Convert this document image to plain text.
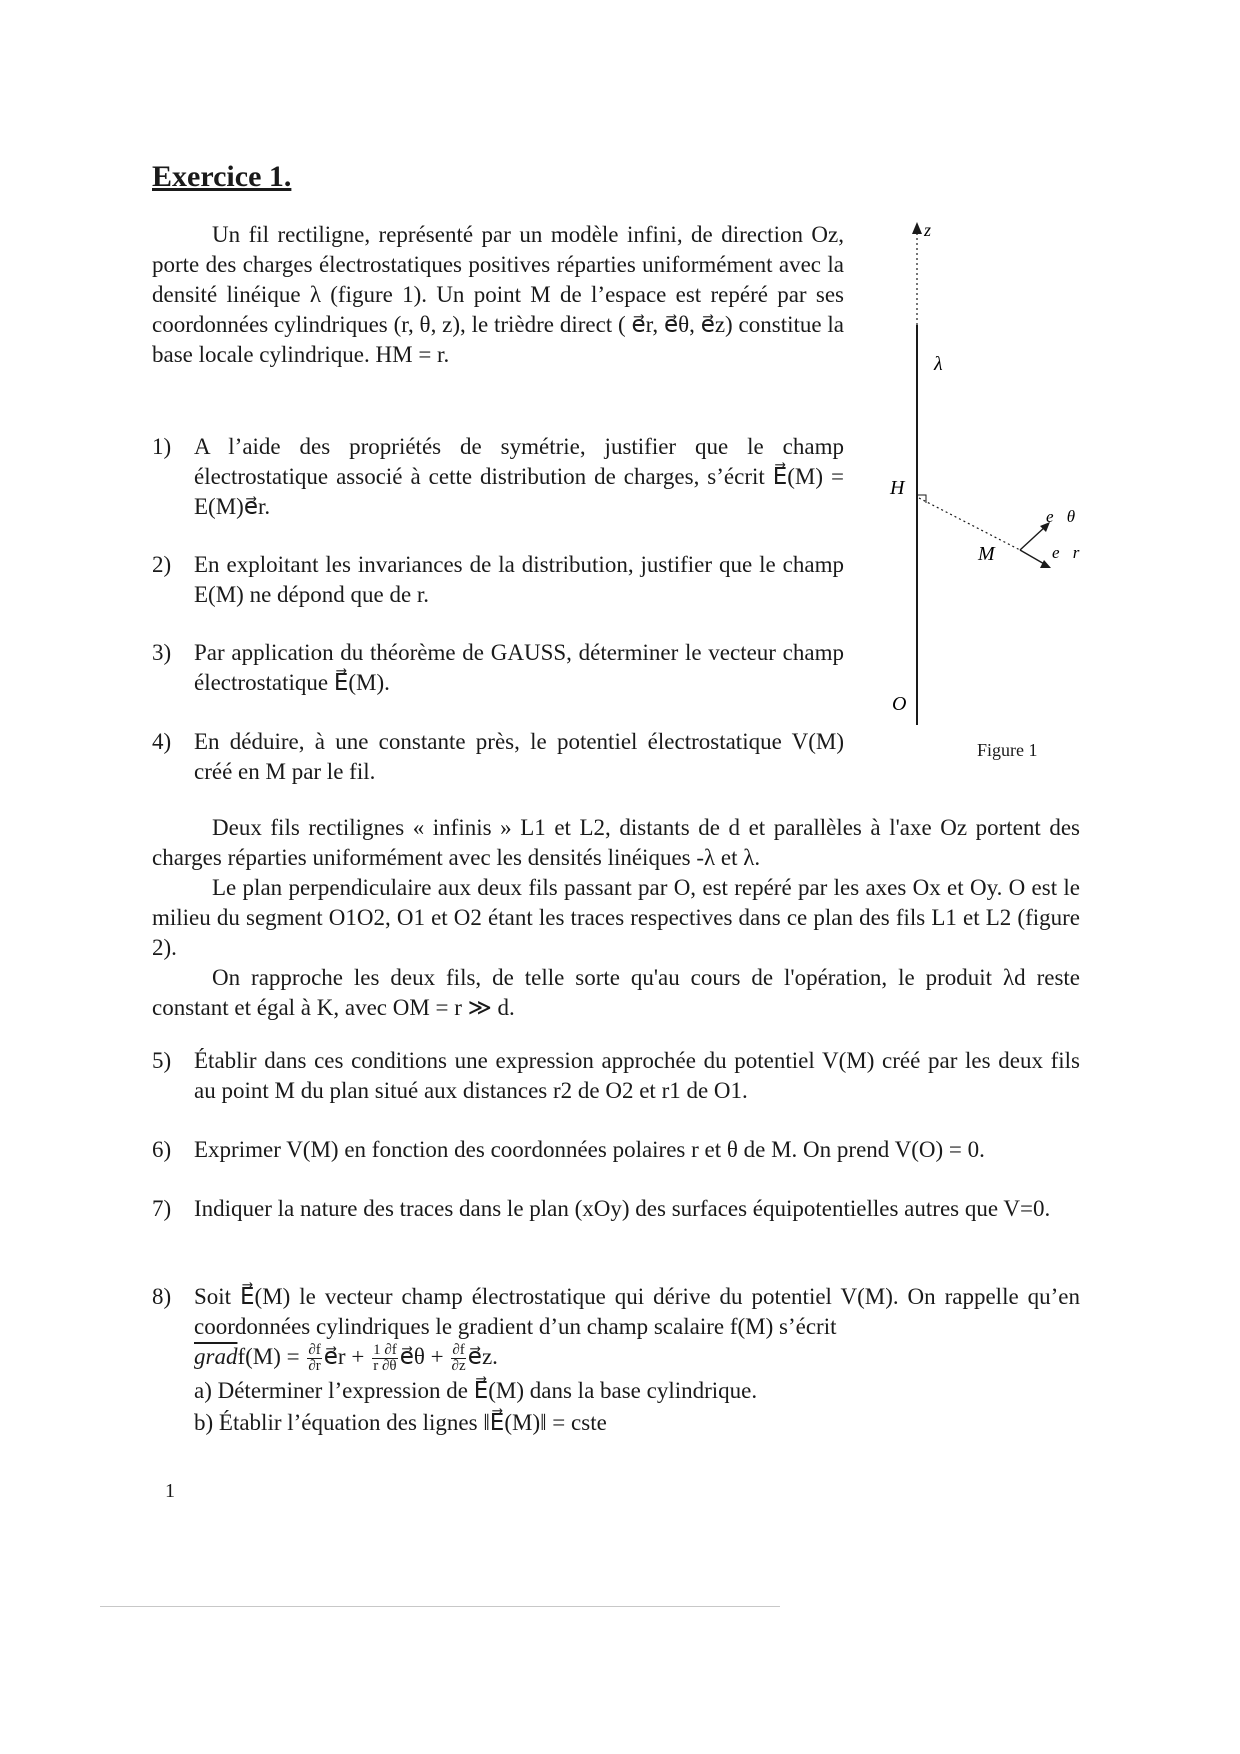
Exercice 1.

Un fil rectiligne, représenté par un modèle infini, de direction Oz, porte des charges électrostatiques positives réparties uniformément avec la densité linéique λ (figure 1). Un point M de l’espace est repéré par ses coordonnées cylindriques (r, θ, z), le trièdre direct ( e⃗r, e⃗θ, e⃗z) constitue la base locale cylindrique. HM = r.

1) A l’aide des propriétés de symétrie, justifier que le champ électrostatique associé à cette distribution de charges, s’écrit E⃗(M) = E(M)e⃗r.

2) En exploitant les invariances de la distribution, justifier que le champ E(M) ne dépond que de r.

3) Par application du théorème de GAUSS, déterminer le vecteur champ électrostatique E⃗(M).

4) En déduire, à une constante près, le potentiel électrostatique V(M) créé en M par le fil.

z
λ
H
M
e⃗θ
e⃗r
O

Figure 1

Deux fils rectilignes « infinis » L1 et L2, distants de d et parallèles à l'axe Oz portent des charges réparties uniformément avec les densités linéiques -λ et λ.

Le plan perpendiculaire aux deux fils passant par O, est repéré par les axes Ox et Oy. O est le milieu du segment O1O2, O1 et O2 étant les traces respectives dans ce plan des fils L1 et L2 (figure 2).

On rapproche les deux fils, de telle sorte qu'au cours de l'opération, le produit λd reste constant et égal à K, avec OM = r ≫ d.

5) Établir dans ces conditions une expression approchée du potentiel V(M) créé par les deux fils au point M du plan situé aux distances r2 de O2 et r1 de O1.

6) Exprimer V(M) en fonction des coordonnées polaires r et θ de M. On prend V(O) = 0.

7) Indiquer la nature des traces dans le plan (xOy) des surfaces équipotentielles autres que V=0.

8) Soit E⃗(M) le vecteur champ électrostatique qui dérive du potentiel V(M). On rappelle qu’en coordonnées cylindriques le gradient d’un champ scalaire f(M) s’écrit
gradf(M) = $\frac{\partial f}{\partial r}$ e⃗r + $\frac{1 \partial f}{r \partial\theta}$ e⃗θ + $\frac{\partial f}{\partial z}$ e⃗z.
a) Déterminer l’expression de E⃗(M) dans la base cylindrique.
b) Établir l’équation des lignes ‖E⃗(M)‖ = cste

1
